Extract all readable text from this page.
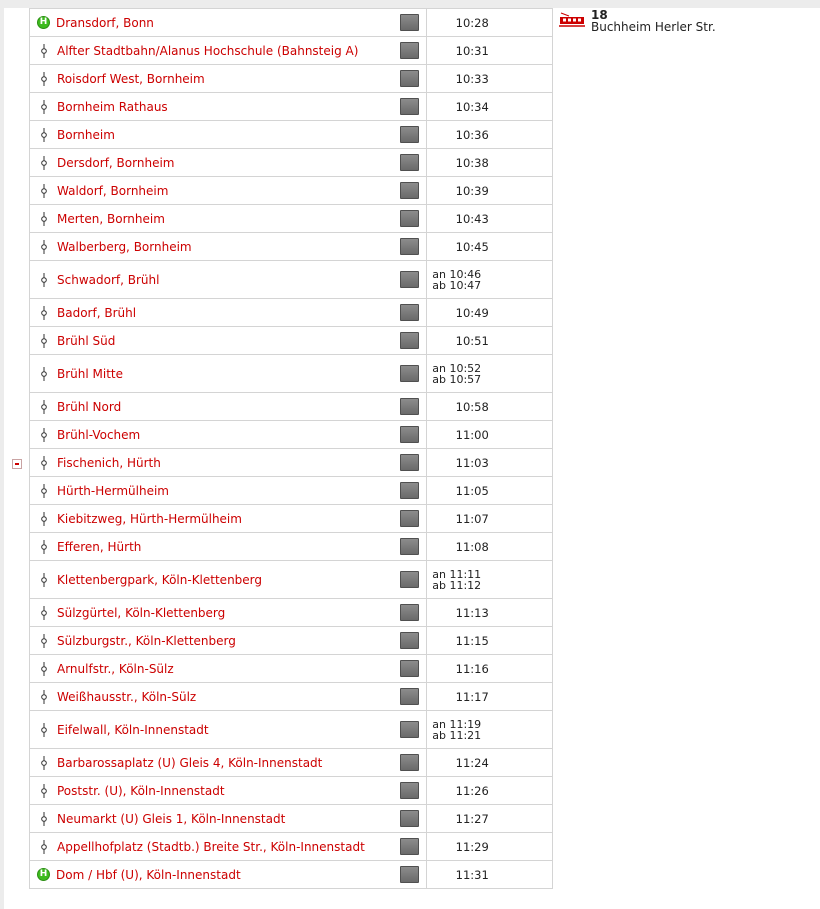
H Dransdorf, Bonn	10:28
Alfter Stadtbahn/Alanus Hochschule (Bahnsteig A)	10:31
Roisdorf West, Bornheim	10:33
Bornheim Rathaus	10:34
Bornheim	10:36
Dersdorf, Bornheim	10:38
Waldorf, Bornheim	10:39
Merten, Bornheim	10:43
Walberberg, Bornheim	10:45
Schwadorf, Brühl	an 10:46
ab 10:47
Badorf, Brühl	10:49
Brühl Süd	10:51
Brühl Mitte	an 10:52
ab 10:57
Brühl Nord	10:58
Brühl-Vochem	11:00
Fischenich, Hürth	11:03
Hürth-Hermülheim	11:05
Kiebitzweg, Hürth-Hermülheim	11:07
Efferen, Hürth	11:08
Klettenbergpark, Köln-Klettenberg	an 11:11
ab 11:12
Sülzgürtel, Köln-Klettenberg	11:13
Sülzburgstr., Köln-Klettenberg	11:15
Arnulfstr., Köln-Sülz	11:16
Weißhausstr., Köln-Sülz	11:17
Eifelwall, Köln-Innenstadt	an 11:19
ab 11:21
Barbarossaplatz (U) Gleis 4, Köln-Innenstadt	11:24
Poststr. (U), Köln-Innenstadt	11:26
Neumarkt (U) Gleis 1, Köln-Innenstadt	11:27
Appellhofplatz (Stadtb.) Breite Str., Köln-Innenstadt	11:29
H Dom / Hbf (U), Köln-Innenstadt	11:31
18
Buchheim Herler Str.
